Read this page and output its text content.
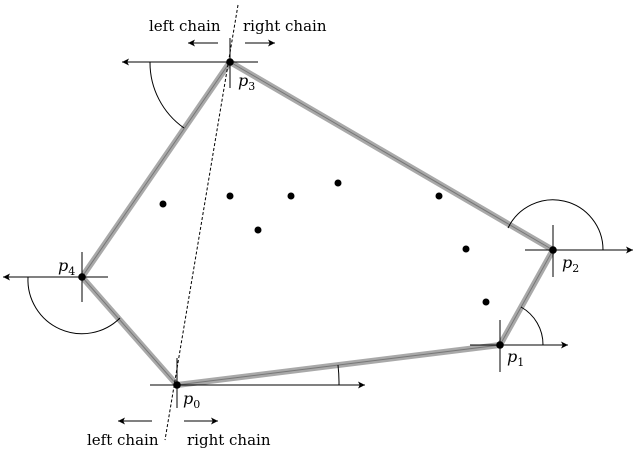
$p_0$
$p_1$
$p_2$
$p_3$
$p_4$
left chain right chain
left chain right chain
